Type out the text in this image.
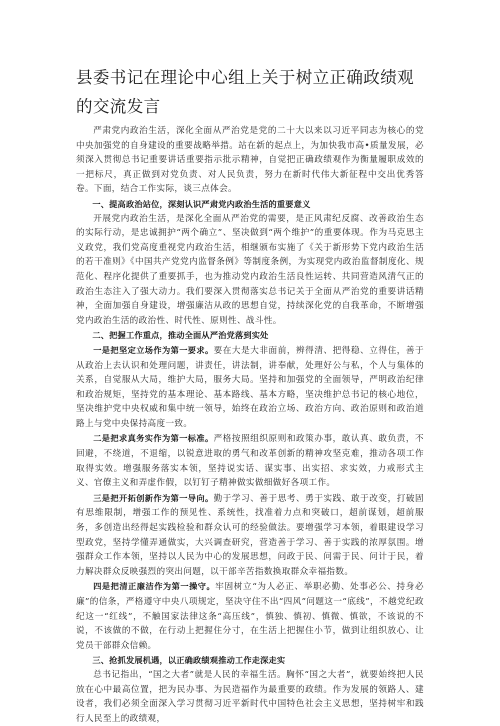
县委书记在理论中心组上关于树立正确政绩观的交流发言

严肃党内政治生活，深化全面从严治党是党的二十大以来以习近平同志为核心的党中央加强党的自身建设的重要战略举措。站在新的起点上，为加快我市高•质量发展，必须深入贯彻总书记重要讲话重要指示批示精神，自觉把正确政绩观作为衡量履职成效的一把标尺，真正做到对党负责、对人民负责，努力在新时代伟大新征程中交出优秀答卷。下面，结合工作实际，谈三点体会。

一、提高政治站位，深刻认识严肃党内政治生活的重要意义

开展党内政治生活，是深化全面从严治党的需要，是正风肃纪反腐、改善政治生态的实际行动，是忠诚拥护“两个确立”、坚决做到“两个维护”的重要体现。作为马克思主义政党，我们党高度重视党内政治生活，相继颁布实施了《关于新形势下党内政治生活的若干准则》《中国共产党党内监督条例》等制度条例，为实现党内政治监督制度化、规范化、程序化提供了重要抓手，也为推动党内政治生活良性运转、共同营造风清气正的政治生态注入了强大动力。我们要深入贯彻落实总书记关于全面从严治党的重要讲话精神，全面加强自身建设，增强廉洁从政的思想自觉，持续深化党的自我革命，不断增强党内政治生活的政治性、时代性、原则性、战斗性。

二、把握工作重点，推动全面从严治党落到实处

一是把坚定立场作为第一要求。要在大是大非面前，辨得清、把得稳、立得住，善于从政治上去认识和处理问题，讲责任，讲法制，讲奉献，处理好公与私，个人与集体的关系，自觉服从大局，维护大局，服务大局。坚持和加强党的全面领导，严明政治纪律和政治规矩，坚持党的基本理论、基本路线、基本方略，坚决维护总书记的核心地位，坚决维护党中央权威和集中统一领导，始终在政治立场、政治方向、政治原则和政治道路上与党中央保持高度一致。

二是把求真务实作为第一标准。严格按照组织原则和政策办事，敢认真、敢负责，不回避，不绕道，不退缩，以锐意进取的勇气和改革创新的精神攻坚克难，推动各项工作取得实效。增强服务落实本领，坚持说实话、谋实事、出实招、求实效，力戒形式主义、官僚主义和弄虚作假，以钉钉子精神做实做细做好各项工作。

三是把开拓创新作为第一导向。勤于学习、善于思考、勇于实践、敢于改变，打破固有思维限制，增强工作的预见性、系统性，找准着力点和突破口，超前谋划，超前服务，多创造出经得起实践检验和群众认可的经验做法。要增强学习本领，着眼建设学习型政党，坚持学懂弄通做实，大兴调查研究，营造善于学习、善于实践的浓厚氛围。增强群众工作本领，坚持以人民为中心的发展思想，问政于民、问需于民、问计于民，着力解决群众反映强烈的突出问题，以干部辛苦指数换取群众幸福指数。

四是把清正廉洁作为第一操守。牢固树立“为人必正、举职必勤、处事必公、持身必廉”的信条，严格遵守中央八项规定，坚决守住不出“四风”问题这一“底线”，不越党纪政纪这一“红线”，不触国家法律这条“高压线”，慎独、慎初、慎微、慎欲，不该说的不说，不该做的不做，在行动上把握住分寸，在生活上把握住小节，做到让组织放心、让党员干部群众信赖。

三、抢抓发展机遇，以正确政绩观推动工作走深走实

总书记指出，“国之大者”就是人民的幸福生活。胸怀“国之大者”，就要始终把人民放在心中最高位置，把为民办事、为民造福作为最重要的政绩。作为发展的领路人、建设者，我们必须全面深入学习贯彻习近平新时代中国特色社会主义思想，坚持树牢和践行人民至上的政绩观，
